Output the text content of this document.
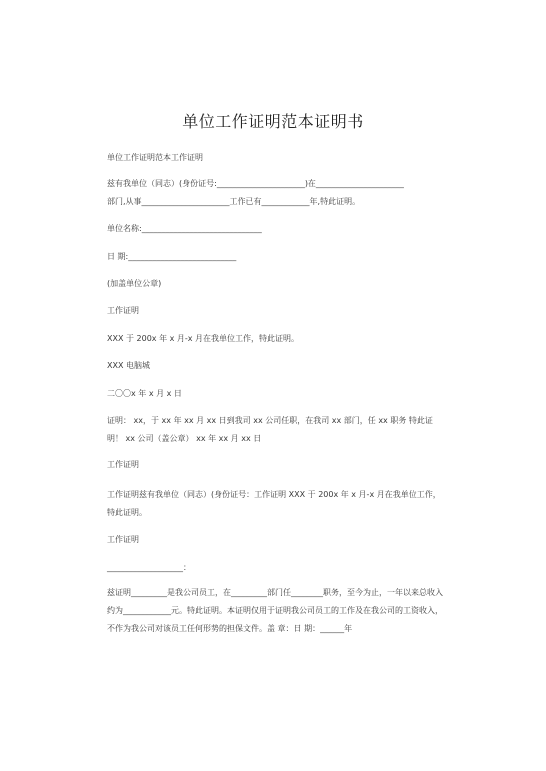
单位工作证明范本证明书
单位工作证明范本工作证明
兹有我单位（同志）(身份证号:______________________)在______________________
部门,从事______________________工作已有____________年,特此证明。
单位名称:______________________________
日 期:___________________________
(加盖单位公章)
工作证明
XXX 于 200x 年 x 月-x 月在我单位工作，特此证明。
XXX 电脑城
二〇〇x 年 x 月 x 日
证明： xx，于 xx 年 xx 月 xx 日到我司 xx 公司任职，在我司 xx 部门，任 xx 职务 特此证明！ xx 公司（盖公章） xx 年 xx 月 xx 日
工作证明
工作证明兹有我单位（同志）(身份证号：工作证明 XXX 于 200x 年 x 月-x 月在我单位工作，特此证明。
工作证明
___________________：
兹证明_________是我公司员工，在_________部门任________职务，至今为止，一年以来总收入约为____________元。特此证明。本证明仅用于证明我公司员工的工作及在我公司的工资收入，不作为我公司对该员工任何形势的担保文件。盖 章：日 期：______年
